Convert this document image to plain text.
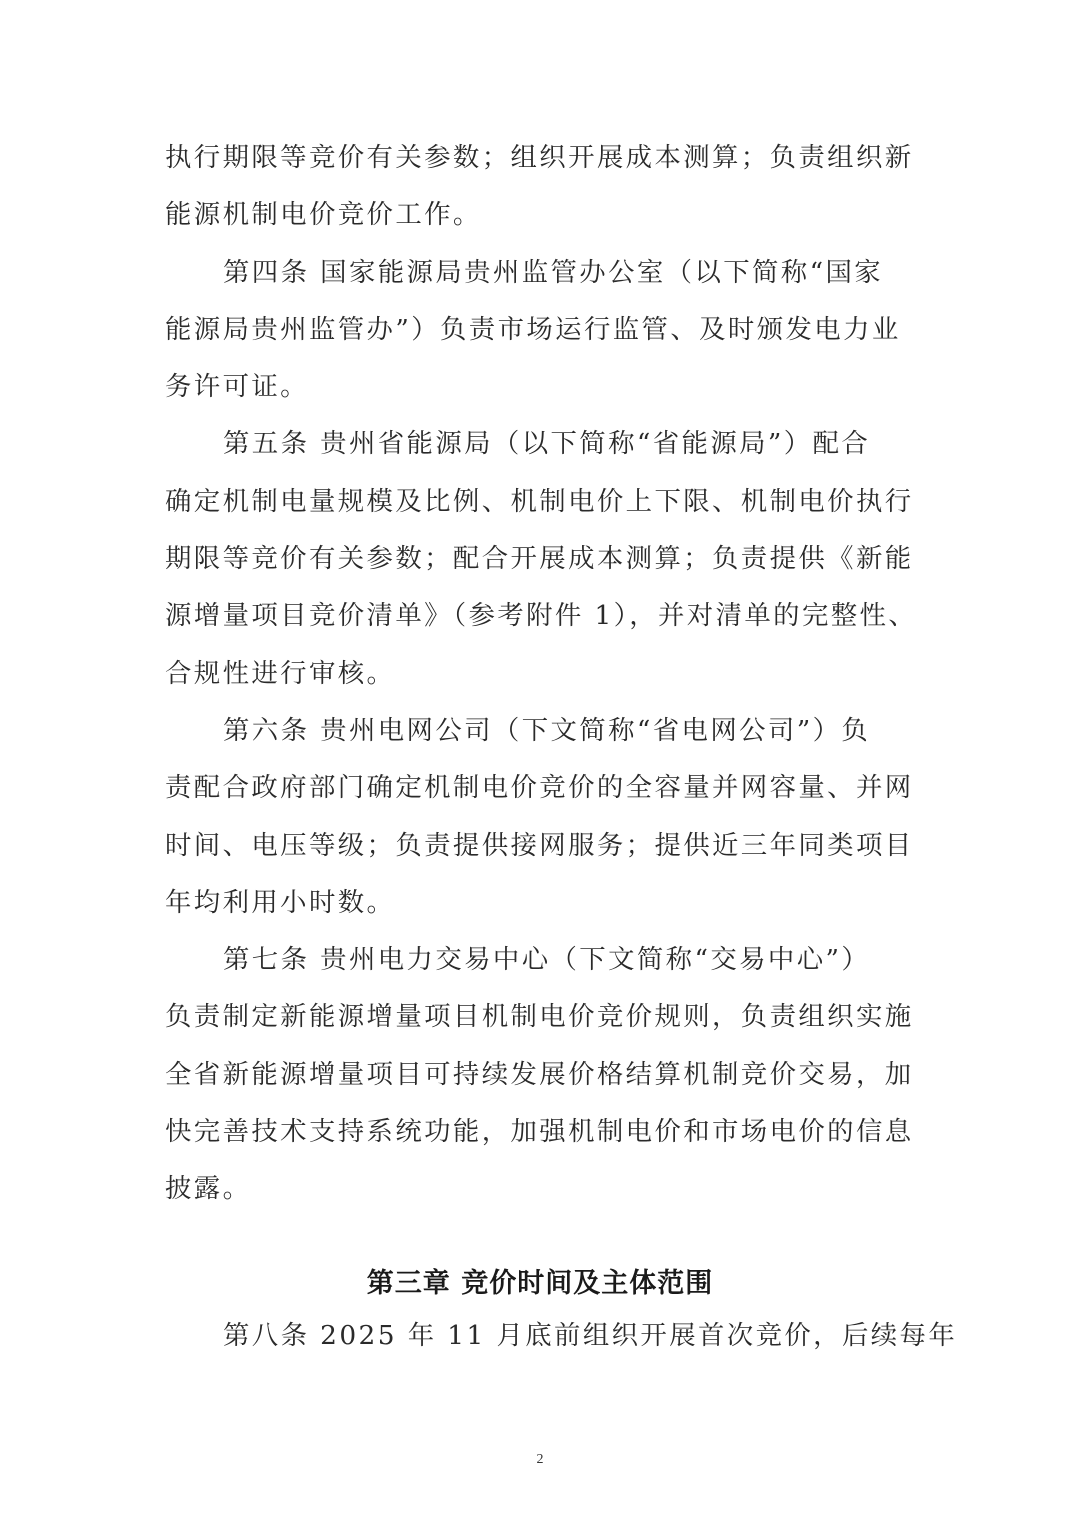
执行期限等竞价有关参数；组织开展成本测算；负责组织新
能源机制电价竞价工作。
第四条 国家能源局贵州监管办公室（以下简称“国家
能源局贵州监管办”）负责市场运行监管、及时颁发电力业
务许可证。
第五条 贵州省能源局（以下简称“省能源局”）配合
确定机制电量规模及比例、机制电价上下限、机制电价执行
期限等竞价有关参数；配合开展成本测算；负责提供《新能
源增量项目竞价清单》（参考附件 1），并对清单的完整性、
合规性进行审核。
第六条 贵州电网公司（下文简称“省电网公司”）负
责配合政府部门确定机制电价竞价的全容量并网容量、并网
时间、电压等级；负责提供接网服务；提供近三年同类项目
年均利用小时数。
第七条 贵州电力交易中心（下文简称“交易中心”）
负责制定新能源增量项目机制电价竞价规则，负责组织实施
全省新能源增量项目可持续发展价格结算机制竞价交易，加
快完善技术支持系统功能，加强机制电价和市场电价的信息
披露。
第三章 竞价时间及主体范围
第八条 2025 年 11 月底前组织开展首次竞价，后续每年
2
